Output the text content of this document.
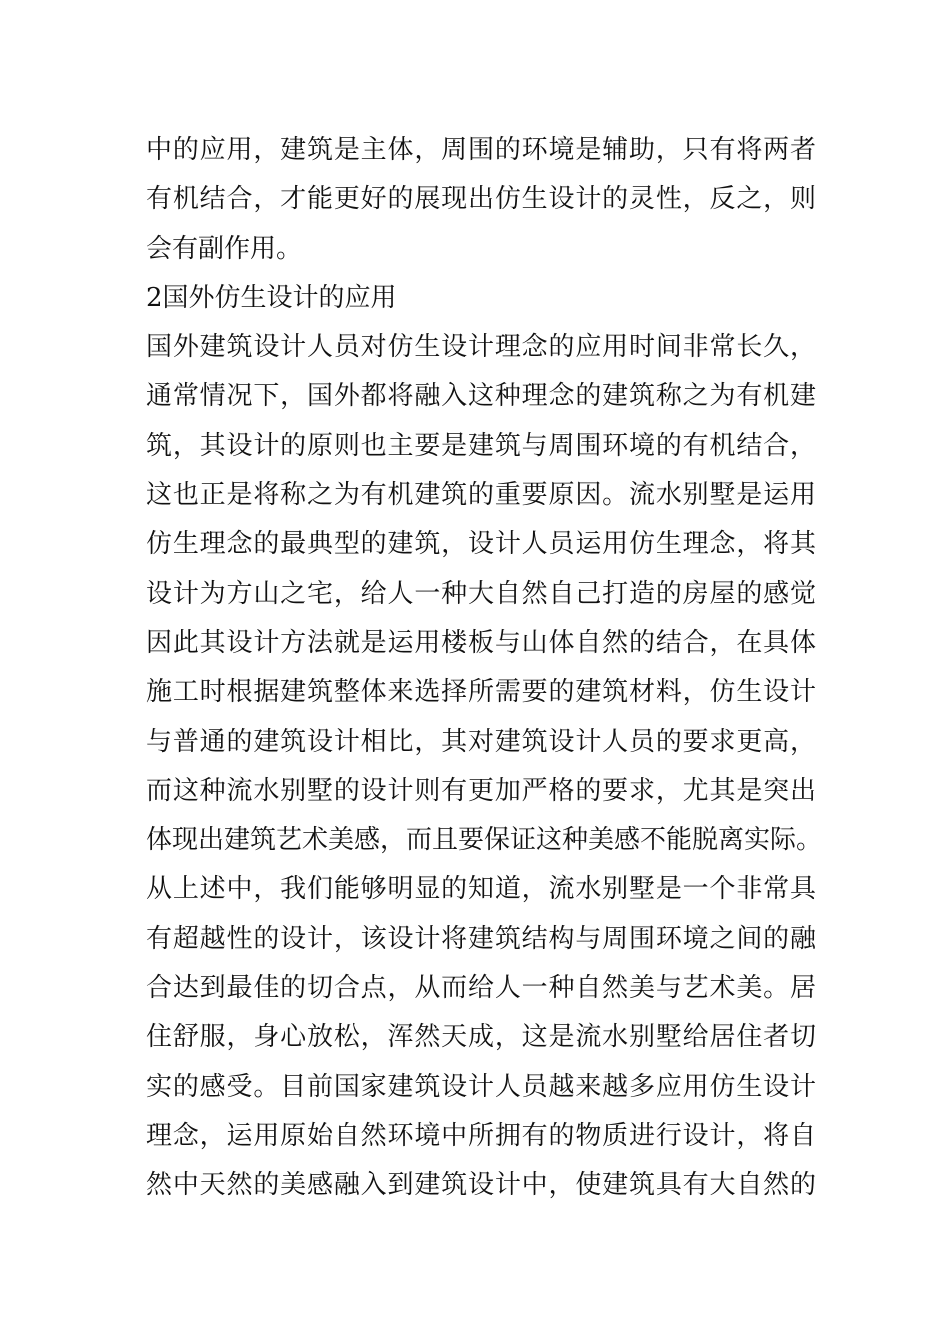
中的应用，建筑是主体，周围的环境是辅助，只有将两者
有机结合，才能更好的展现出仿生设计的灵性，反之，则
会有副作用。
2国外仿生设计的应用
国外建筑设计人员对仿生设计理念的应用时间非常长久，
通常情况下，国外都将融入这种理念的建筑称之为有机建
筑，其设计的原则也主要是建筑与周围环境的有机结合，
这也正是将称之为有机建筑的重要原因。流水别墅是运用
仿生理念的最典型的建筑，设计人员运用仿生理念，将其
设计为方山之宅，给人一种大自然自己打造的房屋的感觉
因此其设计方法就是运用楼板与山体自然的结合，在具体
施工时根据建筑整体来选择所需要的建筑材料，仿生设计
与普通的建筑设计相比，其对建筑设计人员的要求更高，
而这种流水别墅的设计则有更加严格的要求，尤其是突出
体现出建筑艺术美感，而且要保证这种美感不能脱离实际。
从上述中，我们能够明显的知道，流水别墅是一个非常具
有超越性的设计，该设计将建筑结构与周围环境之间的融
合达到最佳的切合点，从而给人一种自然美与艺术美。居
住舒服，身心放松，浑然天成，这是流水别墅给居住者切
实的感受。目前国家建筑设计人员越来越多应用仿生设计
理念，运用原始自然环境中所拥有的物质进行设计，将自
然中天然的美感融入到建筑设计中，使建筑具有大自然的
